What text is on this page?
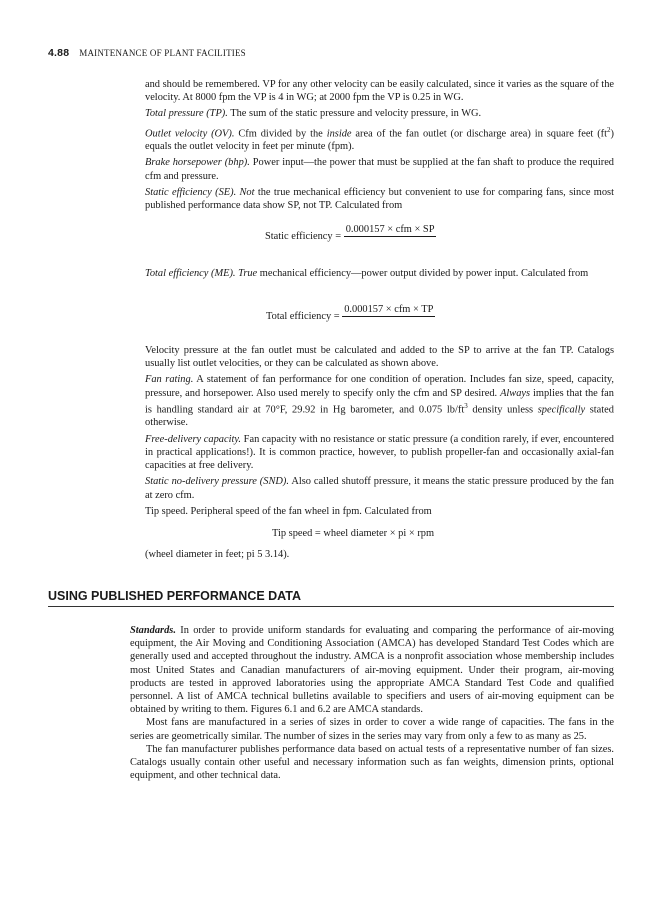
4.88 MAINTENANCE OF PLANT FACILITIES

and should be remembered. VP for any other velocity can be easily calculated, since it varies as the square of the velocity. At 8000 fpm the VP is 4 in WG; at 2000 fpm the VP is 0.25 in WG.

Total pressure (TP). The sum of the static pressure and velocity pressure, in WG.

Outlet velocity (OV). Cfm divided by the inside area of the fan outlet (or discharge area) in square feet $(ft^2)$ equals the outlet velocity in feet per minute (fpm).

Brake horsepower (bhp). Power input—the power that must be supplied at the fan shaft to produce the required cfm and pressure.

Static efficiency (SE). Not the true mechanical efficiency but convenient to use for comparing fans, since most published performance data show SP, not TP. Calculated from

Static efficiency = 0.000157 × cfm × SP

Total efficiency (ME). True mechanical efficiency—power output divided by power input. Calculated from

Total efficiency = 0.000157 × cfm × TP

Velocity pressure at the fan outlet must be calculated and added to the SP to arrive at the fan TP. Catalogs usually list outlet velocities, or they can be calculated as shown above.

Fan rating. A statement of fan performance for one condition of operation. Includes fan size, speed, capacity, pressure, and horsepower. Also used merely to specify only the cfm and SP desired. Always implies that the fan is handling standard air at 70°F, 29.92 in Hg barometer, and 0.075 $lb/ft^3$ density unless specifically stated otherwise.

Free-delivery capacity. Fan capacity with no resistance or static pressure (a condition rarely, if ever, encountered in practical applications!). It is common practice, however, to publish propeller-fan and occasionally axial-fan capacities at free delivery.

Static no-delivery pressure (SND). Also called shutoff pressure, it means the static pressure produced by the fan at zero cfm.

Tip speed. Peripheral speed of the fan wheel in fpm. Calculated from

Tip speed = wheel diameter × pi × rpm

(wheel diameter in feet; pi 5 3.14).

USING PUBLISHED PERFORMANCE DATA

Standards. In order to provide uniform standards for evaluating and comparing the performance of air-moving equipment, the Air Moving and Conditioning Association (AMCA) has developed Standard Test Codes which are generally used and accepted throughout the industry. AMCA is a nonprofit association whose membership includes most United States and Canadian manufacturers of air-moving equipment. Under their program, air-moving products are tested in approved laboratories using the appropriate AMCA Standard Test Code and qualified personnel. A list of AMCA technical bulletins available to specifiers and users of air-moving equipment can be obtained by writing to them. Figures 6.1 and 6.2 are AMCA standards.

Most fans are manufactured in a series of sizes in order to cover a wide range of capacities. The fans in the series are geometrically similar. The number of sizes in the series may vary from only a few to as many as 25.

The fan manufacturer publishes performance data based on actual tests of a representative number of fan sizes. Catalogs usually contain other useful and necessary information such as fan weights, dimension prints, optional equipment, and other technical data.
